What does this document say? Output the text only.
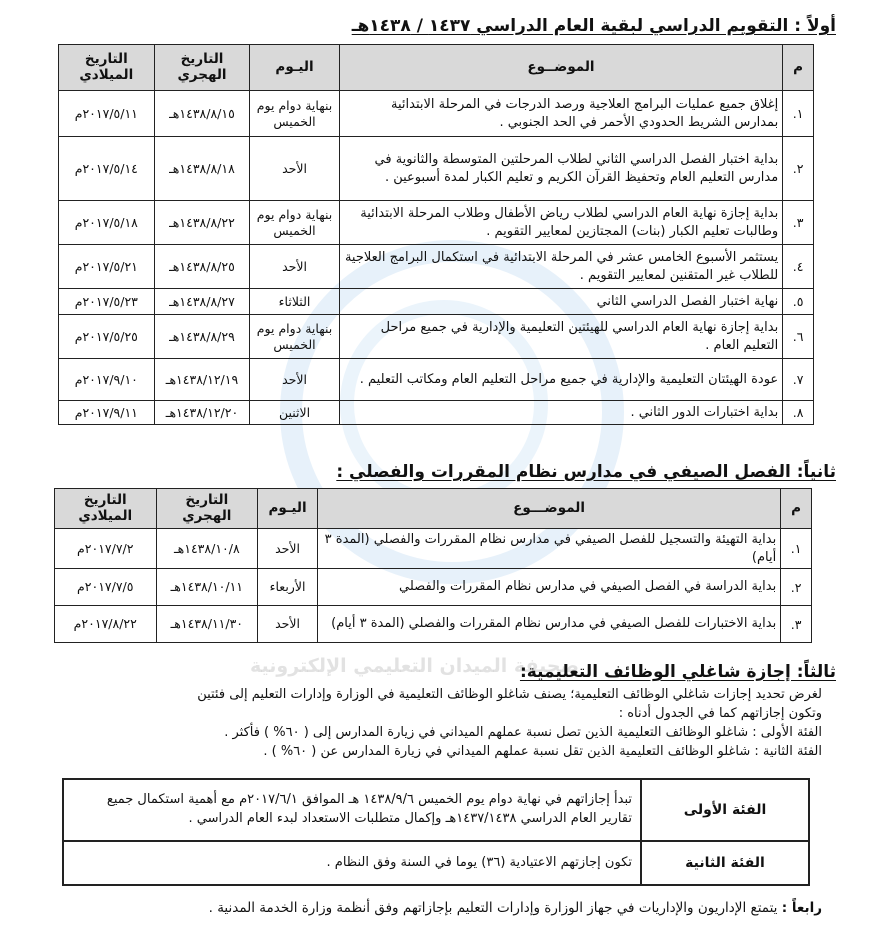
صحيفة الميدان التعليمي الإلكترونية
أولاً : التقويم الدراسي لبقية العام الدراسي ١٤٣٧ / ١٤٣٨هـ
م	الموضــوع	اليـوم	التاريخ الهجري	التاريخ الميلادي
١.	إغلاق جميع عمليات البرامج العلاجية ورصد الدرجات في المرحلة الابتدائية بمدارس الشريط الحدودي الأحمر في الحد الجنوبي .	بنهاية دوام يوم الخميس	١٤٣٨/٨/١٥هـ	٢٠١٧/٥/١١م
٢.	بداية اختبار الفصل الدراسي الثاني لطلاب المرحلتين المتوسطة والثانوية في مدارس التعليم العام وتحفيظ القرآن الكريم و تعليم الكبار لمدة أسبوعين .	الأحد	١٤٣٨/٨/١٨هـ	٢٠١٧/٥/١٤م
٣.	بداية إجازة نهاية العام الدراسي لطلاب رياض الأطفال وطلاب المرحلة الابتدائية وطالبات تعليم الكبار (بنات) المجتازين لمعايير التقويم .	بنهاية دوام يوم الخميس	١٤٣٨/٨/٢٢هـ	٢٠١٧/٥/١٨م
٤.	يستثمر الأسبوع الخامس عشر في المرحلة الابتدائية في استكمال البرامج العلاجية للطلاب غير المتقنين لمعايير التقويم .	الأحد	١٤٣٨/٨/٢٥هـ	٢٠١٧/٥/٢١م
٥.	نهاية اختبار الفصل الدراسي الثاني	الثلاثاء	١٤٣٨/٨/٢٧هـ	٢٠١٧/٥/٢٣م
٦.	بداية إجازة نهاية العام الدراسي للهيئتين التعليمية والإدارية في جميع مراحل التعليم العام .	بنهاية دوام يوم الخميس	١٤٣٨/٨/٢٩هـ	٢٠١٧/٥/٢٥م
٧.	عودة الهيئتان التعليمية والإدارية في جميع مراحل التعليم العام ومكاتب التعليم .	الأحد	١٤٣٨/١٢/١٩هـ	٢٠١٧/٩/١٠م
٨.	بداية اختبارات الدور الثاني .	الاثنين	١٤٣٨/١٢/٢٠هـ	٢٠١٧/٩/١١م
ثانياً: الفصل الصيفي في مدارس نظام المقررات والفصلي :
م	الموضـــوع	اليـوم	التاريخ الهجري	التاريخ الميلادي
١.	بداية التهيئة والتسجيل للفصل الصيفي في مدارس نظام المقررات والفصلي (المدة ٣ أيام)	الأحد	١٤٣٨/١٠/٨هـ	٢٠١٧/٧/٢م
٢.	بداية الدراسة في الفصل الصيفي في مدارس نظام المقررات والفصلي	الأربعاء	١٤٣٨/١٠/١١هـ	٢٠١٧/٧/٥م
٣.	بداية الاختبارات للفصل الصيفي في مدارس نظام المقررات والفصلي (المدة ٣ أيام)	الأحد	١٤٣٨/١١/٣٠هـ	٢٠١٧/٨/٢٢م
ثالثاً: إجازة شاغلي الوظائف التعليمية:
لغرض تحديد إجازات شاغلي الوظائف التعليمية؛ يصنف شاغلو الوظائف التعليمية في الوزارة وإدارات التعليم إلى فئتين
وتكون إجازاتهم كما في الجدول أدناه :
الفئة الأولى : شاغلو الوظائف التعليمية الذين تصل نسبة عملهم الميداني في زيارة المدارس إلى ( ٦٠% ) فأكثر .
الفئة الثانية : شاغلو الوظائف التعليمية الذين تقل نسبة عملهم الميداني في زيارة المدارس عن ( ٦٠% ) .
الفئة الأولى	تبدأ إجازاتهم في نهاية دوام يوم الخميس ١٤٣٨/٩/٦ هـ الموافق ٢٠١٧/٦/١م مع أهمية استكمال جميع تقارير العام الدراسي ١٤٣٧/١٤٣٨هـ وإكمال متطلبات الاستعداد لبدء العام الدراسي .
الفئة الثانية	تكون إجازتهم الاعتيادية (٣٦) يوما في السنة وفق النظام .
رابعاً : يتمتع الإداريون والإداريات في جهاز الوزارة وإدارات التعليم بإجازاتهم وفق أنظمة وزارة الخدمة المدنية .
